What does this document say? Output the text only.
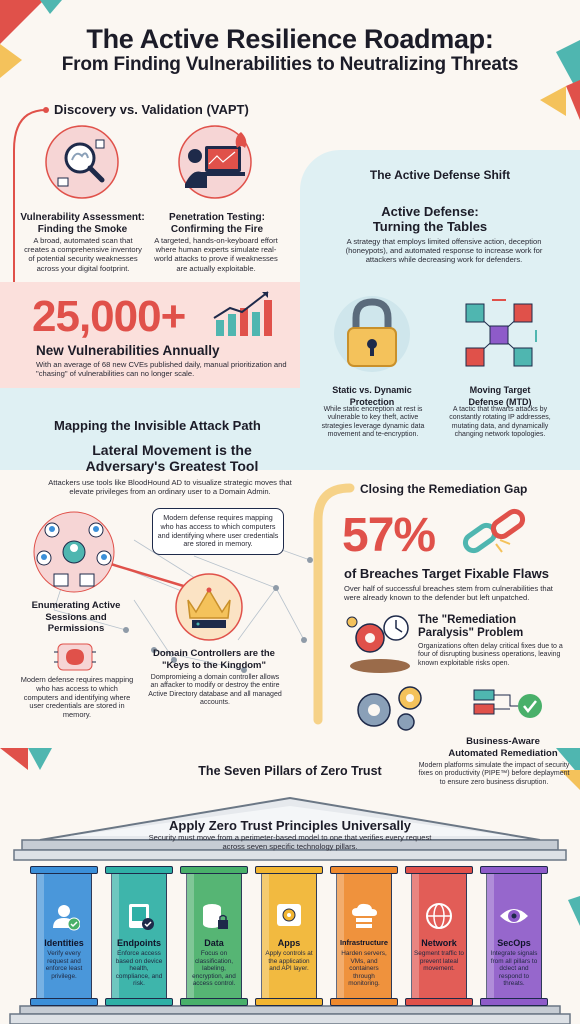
The Active Resilience Roadmap:
From Finding Vulnerabilities to Neutralizing Threats
Discovery vs. Validation (VAPT)
Vulnerability Assessment: Finding the Smoke
A broad, automated scan that creates a comprehensive inventory of potential security weaknesses across your digital footprint.
Penetration Testing: Confirming the Fire
A targeted, hands-on-keyboard effort where human experts simulate real-world attacks to prove if weaknesses are actually exploitable.
25,000+
New Vulnerabilities Annually
With an average of 68 new CVEs published daily, manual prioritization and "chasing" of vulnerabilities can no longer scale.
The Active Defense Shift
Active Defense: Turning the Tables
A strategy that employs limited offensive action, deception (honeypots), and automated response to increase work for attackers while decreasing work for defenders.
Static vs. Dynamic Protection
While static encreption at rest is vulnerable to key theft, active strategies leverage dynamic data movement and te-encryption.
Moving Target Defense (MTD)
A tactic that thwarts attacks by constantly rotating IP addresses, mutating data, and dynamically changing network topologies.
Mapping the Invisible Attack Path
Lateral Movement is the Adversary's Greatest Tool
Attackers use tools like BloodHound AD to visualize strategic moves that elevate privileges from an ordinary user to a Domain Admin.
Enumerating Active Sessions and Permissions
Modern defense requires mapping who has access to which computers and identifying where user credentials are stored in memory.
Modern defense requires mapping who has access to which computers and identifying where user credentials are stored in memory.
Domain Controllers are the "Keys to the Kingdom"
Dompromieing a domain controller allows an affacker to modify or destroy the entire Active Directory database and all managed accounts.
Closing the Remediation Gap
57%
of Breaches Target Fixable Flaws
Over half of successful breaches stem from culnerabilities that were already known to the defender but left unpatched.
The "Remediation Paralysis" Problem
Organizations often delay critical fixes due to a four of disrupting business operations, leaving known exploitable risks open.
Business-Aware Automated Remediation
Modern platforms simulate the impact of security fixes on productivity (PIPE™) before deplayment to ensure zero business disruption.
The Seven Pillars of Zero Trust
Apply Zero Trust Principles Universally
Security must move from a perimeter-based model to one that verifies every request across seven specific technology pillars.
Identities
Verify every request and enforce least privilege.
Endpoints
Enforce access based on device health, compliance, and risk.
Data
Focus on classification, labeling, encryption, and access control.
Apps
Apply controls at the application and API layer.
Infrastructure
Harden servers, VMs, and containers through monitoring.
Network
Segment traffic to prevent lateal movement.
SecOps
Integrate signals from all pillars to dclect and respond to threats.
